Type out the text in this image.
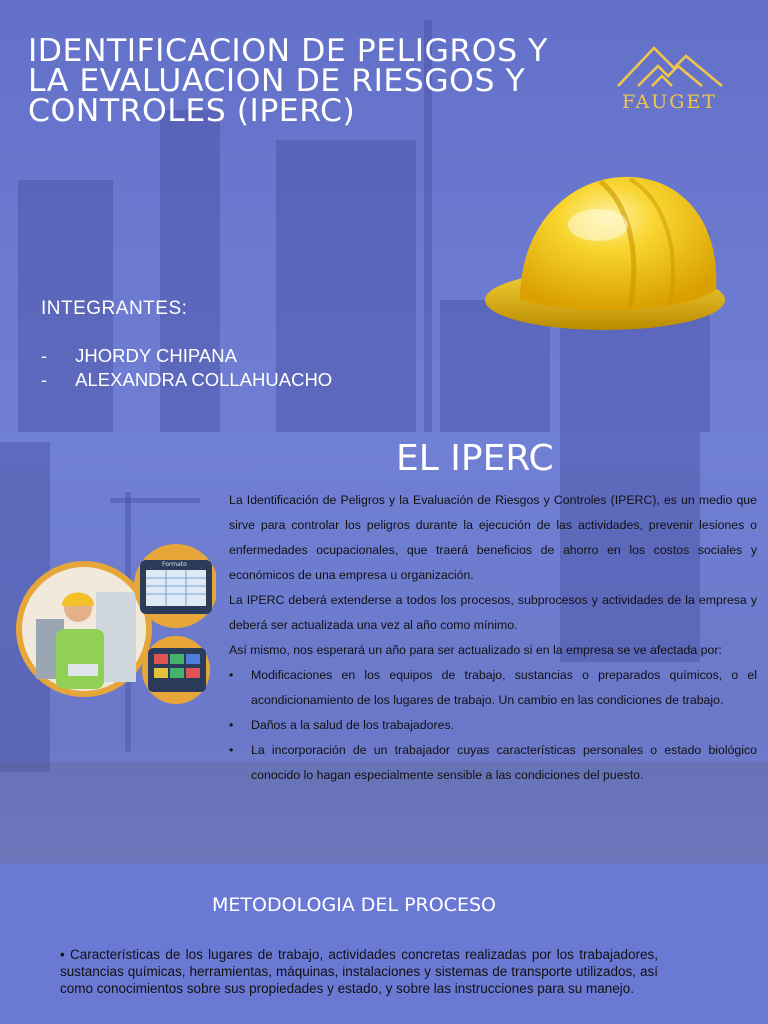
IDENTIFICACION DE PELIGROS Y LA EVALUACION DE RIESGOS Y CONTROLES (IPERC)	FAUGET

INTEGRANTES:

- JHORDY CHIPANA

- ALEXANDRA COLLAHUACHO

EL IPERC
Formato

La Identificación de Peligros y la Evaluación de Riesgos y Controles (IPERC), es un medio que sirve para controlar los peligros durante la ejecución de las actividades, prevenir lesiones o enfermedades ocupacionales, que traerá beneficios de ahorro en los costos sociales y económicos de una empresa u organización.

La IPERC deberá extenderse a todos los procesos, subprocesos y actividades de la empresa y deberá ser actualizada una vez al año como mínimo.

Así mismo, nos esperará un año para ser actualizado si en la empresa se ve afectada por:

•	Modificaciones en los equipos de trabajo, sustancias o preparados químicos, o el acondicionamiento de los lugares de trabajo. Un cambio en las condiciones de trabajo.
•	Daños a la salud de los trabajadores.
•	La incorporación de un trabajador cuyas características personales o estado biológico conocido lo hagan especialmente sensible a las condiciones del puesto.
METODOLOGIA DEL PROCESO

• Características de los lugares de trabajo, actividades concretas realizadas por los trabajadores, sustancias químicas, herramientas, máquinas, instalaciones y sistemas de transporte utilizados, así como conocimientos sobre sus propiedades y estado, y sobre las instrucciones para su manejo.
